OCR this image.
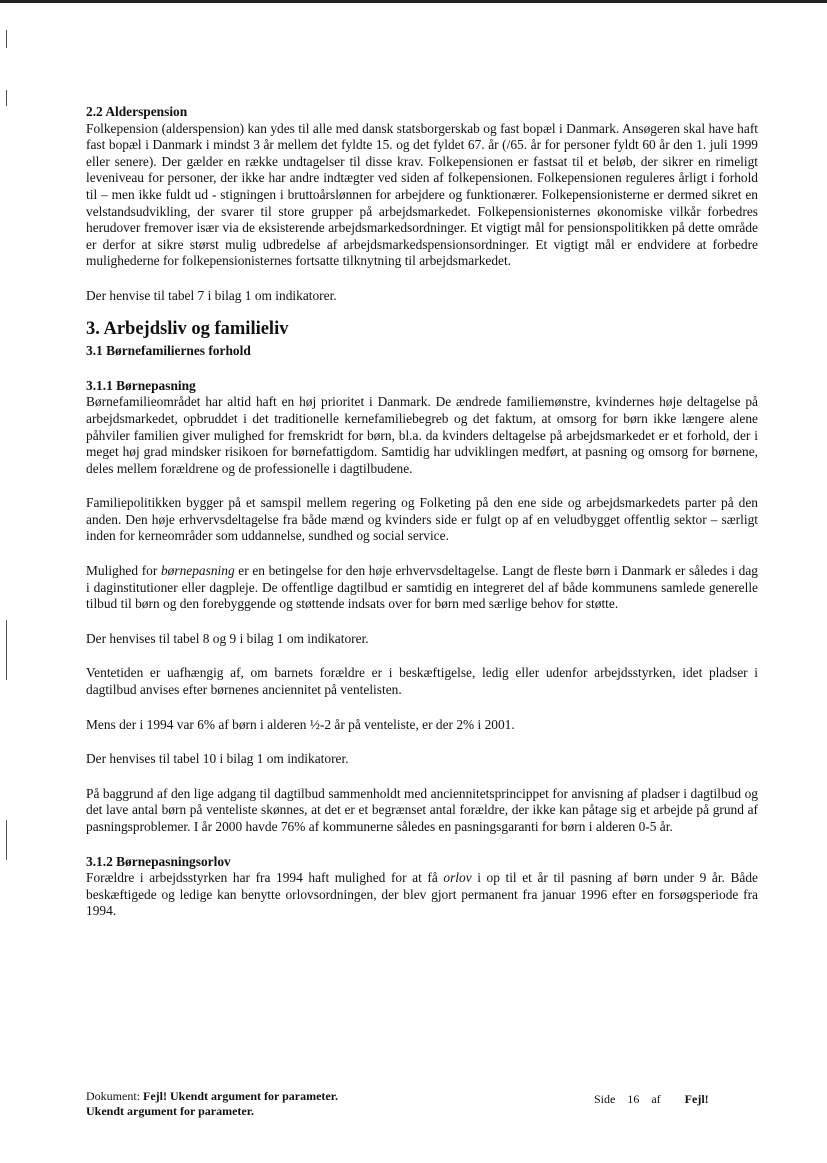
2.2 Alderspension

Folkepension (alderspension) kan ydes til alle med dansk statsborgerskab og fast bopæl i Danmark. Ansøgeren skal have haft fast bopæl i Danmark i mindst 3 år mellem det fyldte 15. og det fyldet 67. år (/65. år for personer fyldt 60 år den 1. juli 1999 eller senere). Der gælder en række undtagelser til disse krav. Folkepensionen er fastsat til et beløb, der sikrer en rimeligt leveniveau for personer, der ikke har andre indtægter ved siden af folkepensionen. Folkepensionen reguleres årligt i forhold til – men ikke fuldt ud - stigningen i bruttoårslønnen for arbejdere og funktionærer. Folkepensionisterne er dermed sikret en velstandsudvikling, der svarer til store grupper på arbejdsmarkedet. Folkepensionisternes økonomiske vilkår forbedres herudover fremover især via de eksisterende arbejdsmarkedsordninger. Et vigtigt mål for pensionspolitikken på dette område er derfor at sikre størst mulig udbredelse af arbejdsmarkedspensionsordninger. Et vigtigt mål er endvidere at forbedre mulighederne for folkepensionisternes fortsatte tilknytning til arbejdsmarkedet.

Der henvise til tabel 7 i bilag 1 om indikatorer.

3. Arbejdsliv og familieliv
3.1 Børnefamiliernes forhold
3.1.1 Børnepasning

Børnefamilieområdet har altid haft en høj prioritet i Danmark. De ændrede familiemønstre, kvindernes høje deltagelse på arbejdsmarkedet, opbruddet i det traditionelle kernefamiliebegreb og det faktum, at omsorg for børn ikke længere alene påhviler familien giver mulighed for fremskridt for børn, bl.a. da kvinders deltagelse på arbejdsmarkedet er et forhold, der i meget høj grad mindsker risikoen for børnefattigdom. Samtidig har udviklingen medført, at pasning og omsorg for børnene, deles mellem forældrene og de professionelle i dagtilbudene.

Familiepolitikken bygger på et samspil mellem regering og Folketing på den ene side og arbejdsmarkedets parter på den anden. Den høje erhvervsdeltagelse fra både mænd og kvinders side er fulgt op af en veludbygget offentlig sektor – særligt inden for kerneområder som uddannelse, sundhed og social service.

Mulighed for børnepasning er en betingelse for den høje erhvervsdeltagelse. Langt de fleste børn i Danmark er således i dag i daginstitutioner eller dagpleje. De offentlige dagtilbud er samtidig en integreret del af både kommunens samlede generelle tilbud til børn og den forebyggende og støttende indsats over for børn med særlige behov for støtte.

Der henvises til tabel 8 og 9 i bilag 1 om indikatorer.

Ventetiden er uafhængig af, om barnets forældre er i beskæftigelse, ledig eller udenfor arbejdsstyrken, idet pladser i dagtilbud anvises efter børnenes anciennitet på ventelisten.

Mens der i 1994 var 6% af børn i alderen ½-2 år på venteliste, er der 2% i 2001.

Der henvises til tabel 10 i bilag 1 om indikatorer.

På baggrund af den lige adgang til dagtilbud sammenholdt med anciennitetsprincippet for anvisning af pladser i dagtilbud og det lave antal børn på venteliste skønnes, at det er et begrænset antal forældre, der ikke kan påtage sig et arbejde på grund af pasningsproblemer. I år 2000 havde 76% af kommunerne således en pasningsgaranti for børn i alderen 0-5 år.

3.1.2 Børnepasningsorlov

Forældre i arbejdsstyrken har fra 1994 haft mulighed for at få orlov i op til et år til pasning af børn under 9 år. Både beskæftigede og ledige kan benytte orlovsordningen, der blev gjort permanent fra januar 1996 efter en forsøgsperiode fra 1994.

Dokument: Fejl! Ukendt argument for parameter.
Ukendt argument for parameter.
Side 16 af Fejl!
